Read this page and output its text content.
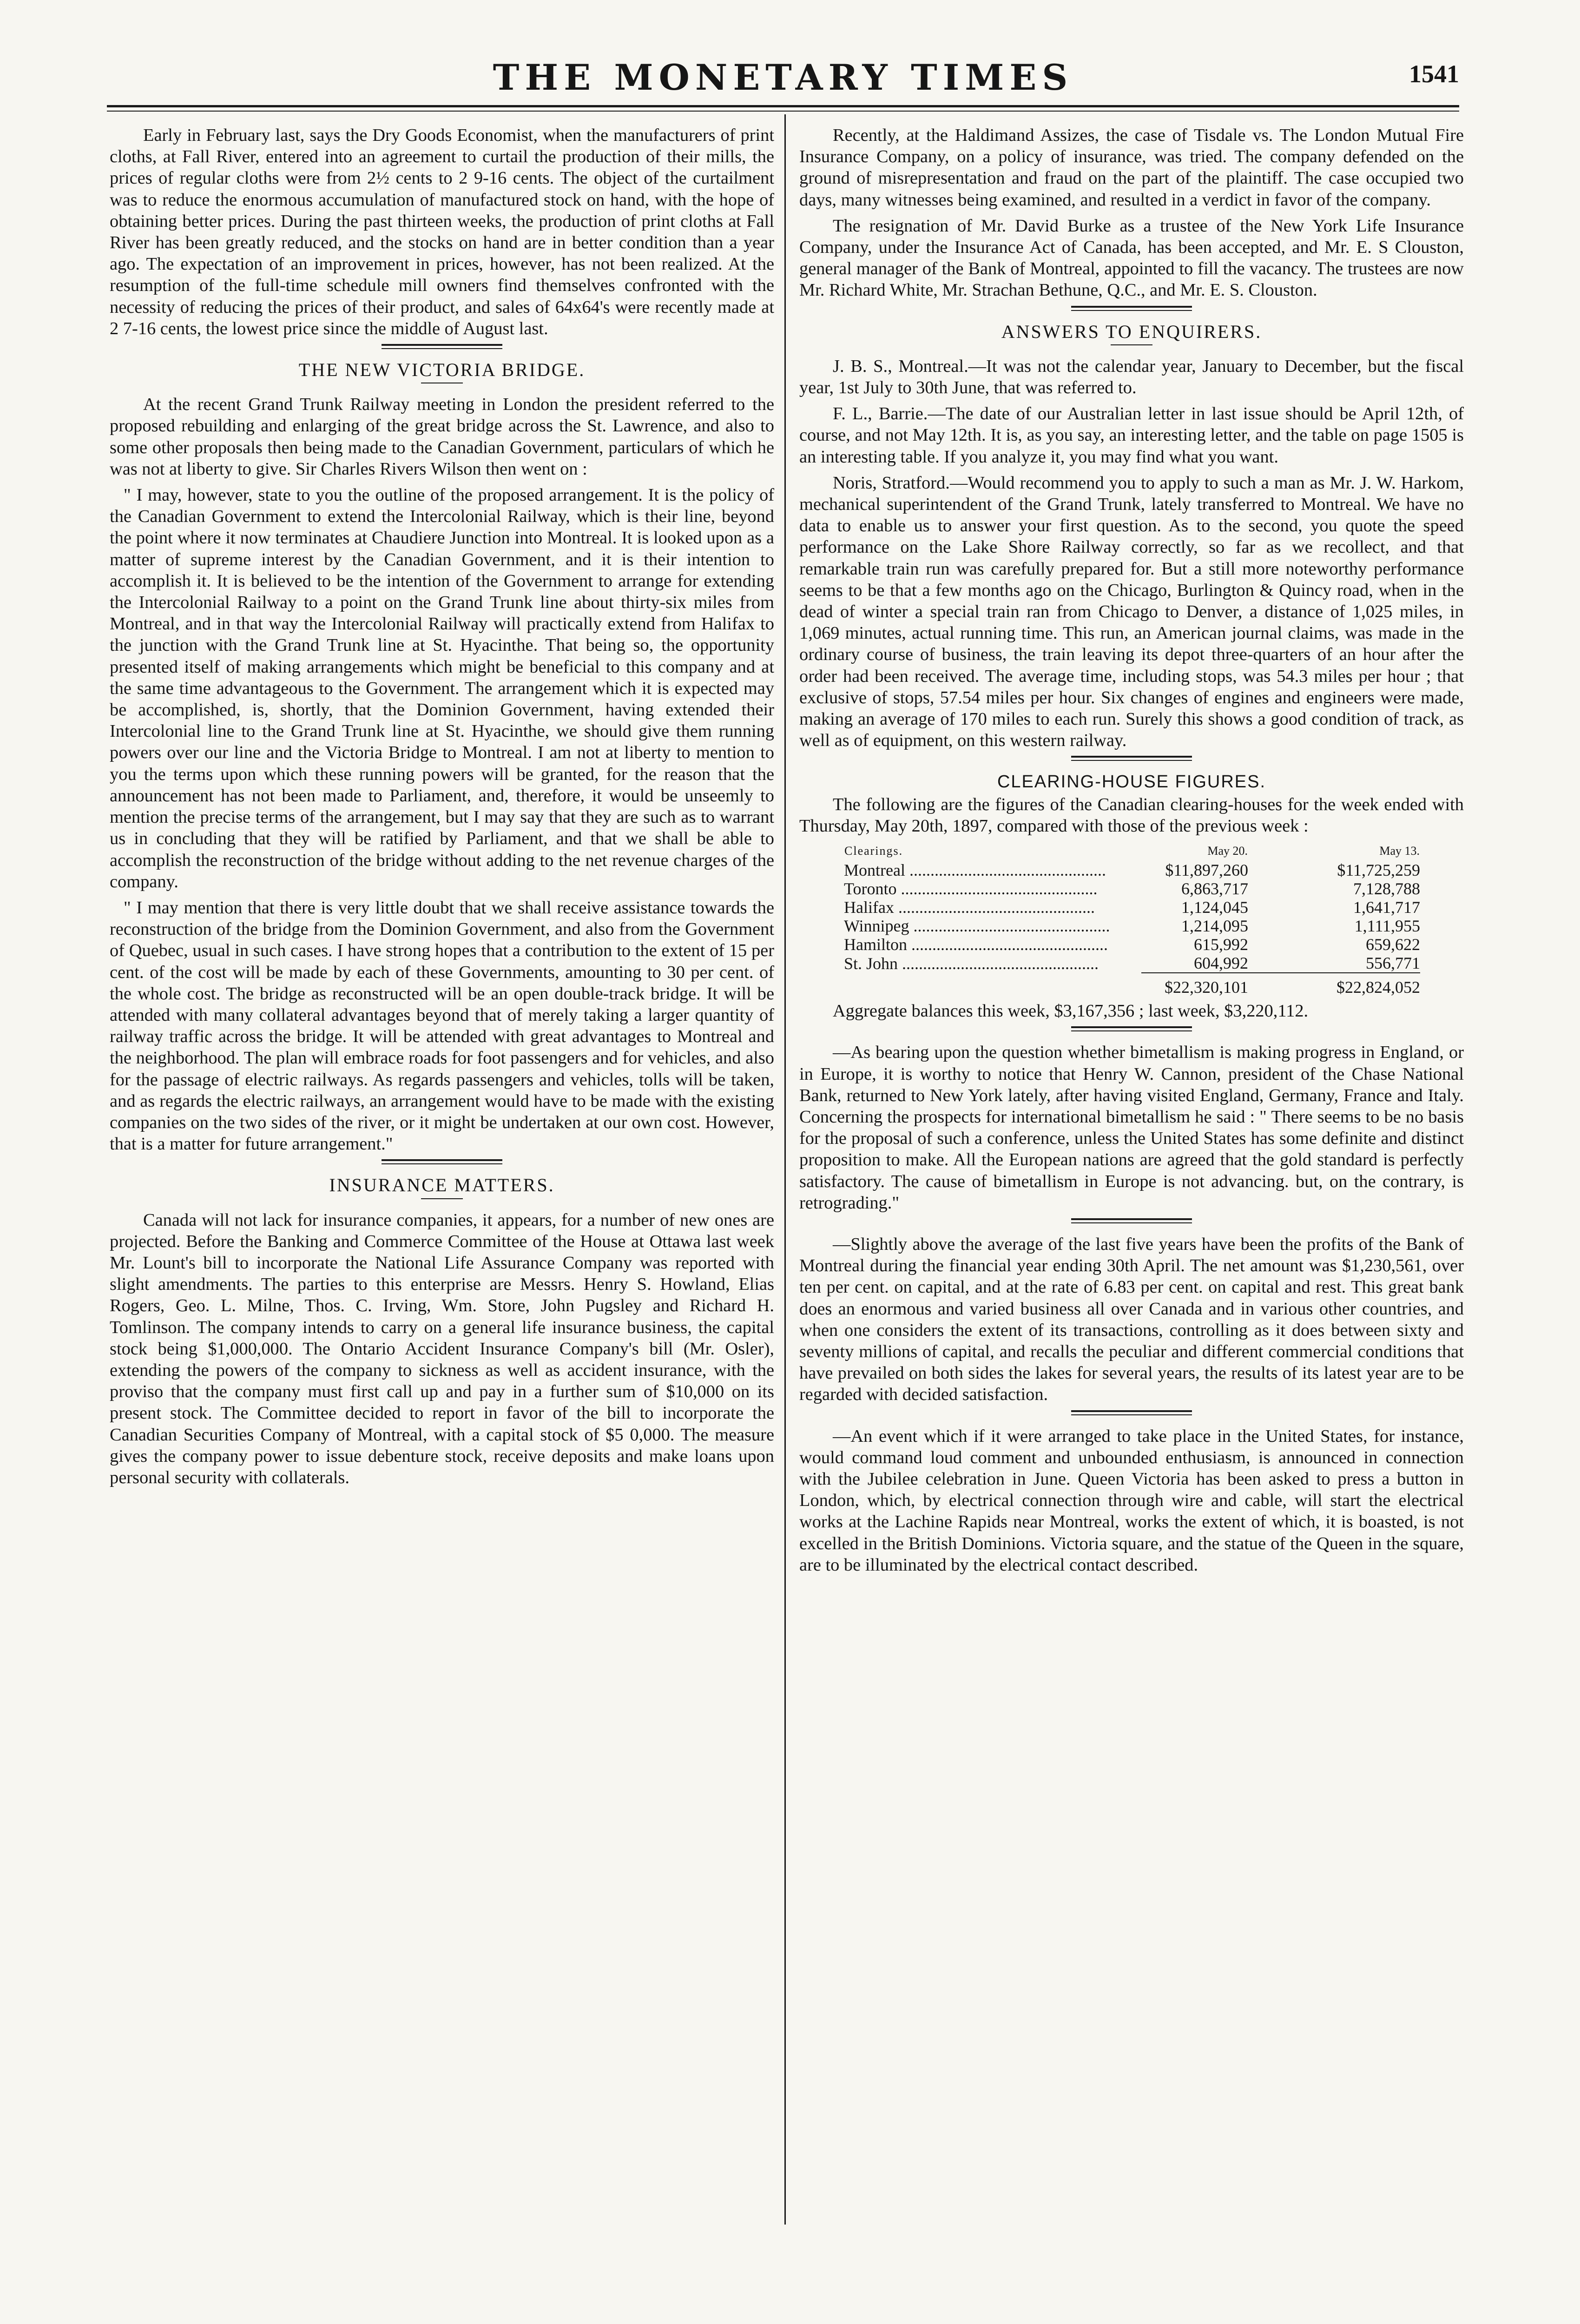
THE MONETARY TIMES	1541

Early in February last, says the Dry Goods Economist, when the manufacturers of print cloths, at Fall River, entered into an agreement to curtail the production of their mills, the prices of regular cloths were from 2½ cents to 2 9-16 cents. The object of the curtailment was to reduce the enormous accumulation of manufactured stock on hand, with the hope of obtaining better prices. During the past thirteen weeks, the production of print cloths at Fall River has been greatly reduced, and the stocks on hand are in better condition than a year ago. The expectation of an improvement in prices, however, has not been realized. At the resumption of the full-time schedule mill owners find themselves confronted with the necessity of reducing the prices of their product, and sales of 64x64's were recently made at 2 7-16 cents, the lowest price since the middle of August last.

THE NEW VICTORIA BRIDGE.

At the recent Grand Trunk Railway meeting in London the president referred to the proposed rebuilding and enlarging of the great bridge across the St. Lawrence, and also to some other proposals then being made to the Canadian Government, particulars of which he was not at liberty to give. Sir Charles Rivers Wilson then went on :

" I may, however, state to you the outline of the proposed arrangement. It is the policy of the Canadian Government to extend the Intercolonial Railway, which is their line, beyond the point where it now terminates at Chaudiere Junction into Montreal. It is looked upon as a matter of supreme interest by the Canadian Government, and it is their intention to accomplish it. It is believed to be the intention of the Government to arrange for extending the Intercolonial Railway to a point on the Grand Trunk line about thirty-six miles from Montreal, and in that way the Intercolonial Railway will practically extend from Halifax to the junction with the Grand Trunk line at St. Hyacinthe. That being so, the opportunity presented itself of making arrangements which might be beneficial to this company and at the same time advantageous to the Government. The arrangement which it is expected may be accomplished, is, shortly, that the Dominion Government, having extended their Intercolonial line to the Grand Trunk line at St. Hyacinthe, we should give them running powers over our line and the Victoria Bridge to Montreal. I am not at liberty to mention to you the terms upon which these running powers will be granted, for the reason that the announcement has not been made to Parliament, and, therefore, it would be unseemly to mention the precise terms of the arrangement, but I may say that they are such as to warrant us in concluding that they will be ratified by Parliament, and that we shall be able to accomplish the reconstruction of the bridge without adding to the net revenue charges of the company.

" I may mention that there is very little doubt that we shall receive assistance towards the reconstruction of the bridge from the Dominion Government, and also from the Government of Quebec, usual in such cases. I have strong hopes that a contribution to the extent of 15 per cent. of the cost will be made by each of these Governments, amounting to 30 per cent. of the whole cost. The bridge as reconstructed will be an open double-track bridge. It will be attended with many collateral advantages beyond that of merely taking a larger quantity of railway traffic across the bridge. It will be attended with great advantages to Montreal and the neighborhood. The plan will embrace roads for foot passengers and for vehicles, and also for the passage of electric railways. As regards passengers and vehicles, tolls will be taken, and as regards the electric railways, an arrangement would have to be made with the existing companies on the two sides of the river, or it might be undertaken at our own cost. However, that is a matter for future arrangement."

INSURANCE MATTERS.

Canada will not lack for insurance companies, it appears, for a number of new ones are projected. Before the Banking and Commerce Committee of the House at Ottawa last week Mr. Lount's bill to incorporate the National Life Assurance Company was reported with slight amendments. The parties to this enterprise are Messrs. Henry S. Howland, Elias Rogers, Geo. L. Milne, Thos. C. Irving, Wm. Store, John Pugsley and Richard H. Tomlinson. The company intends to carry on a general life insurance business, the capital stock being $1,000,000. The Ontario Accident Insurance Company's bill (Mr. Osler), extending the powers of the company to sickness as well as accident insurance, with the proviso that the company must first call up and pay in a further sum of $10,000 on its present stock. The Committee decided to report in favor of the bill to incorporate the Canadian Securities Company of Montreal, with a capital stock of $5 0,000. The measure gives the company power to issue debenture stock, receive deposits and make loans upon personal security with collaterals.

Recently, at the Haldimand Assizes, the case of Tisdale vs. The London Mutual Fire Insurance Company, on a policy of insurance, was tried. The company defended on the ground of misrepresentation and fraud on the part of the plaintiff. The case occupied two days, many witnesses being examined, and resulted in a verdict in favor of the company.

The resignation of Mr. David Burke as a trustee of the New York Life Insurance Company, under the Insurance Act of Canada, has been accepted, and Mr. E. S Clouston, general manager of the Bank of Montreal, appointed to fill the vacancy. The trustees are now Mr. Richard White, Mr. Strachan Bethune, Q.C., and Mr. E. S. Clouston.

ANSWERS TO ENQUIRERS.

J. B. S., Montreal.—It was not the calendar year, January to December, but the fiscal year, 1st July to 30th June, that was referred to.

F. L., Barrie.—The date of our Australian letter in last issue should be April 12th, of course, and not May 12th. It is, as you say, an interesting letter, and the table on page 1505 is an interesting table. If you analyze it, you may find what you want.

Noris, Stratford.—Would recommend you to apply to such a man as Mr. J. W. Harkom, mechanical superintendent of the Grand Trunk, lately transferred to Montreal. We have no data to enable us to answer your first question. As to the second, you quote the speed performance on the Lake Shore Railway correctly, so far as we recollect, and that remarkable train run was carefully prepared for. But a still more noteworthy performance seems to be that a few months ago on the Chicago, Burlington & Quincy road, when in the dead of winter a special train ran from Chicago to Denver, a distance of 1,025 miles, in 1,069 minutes, actual running time. This run, an American journal claims, was made in the ordinary course of business, the train leaving its depot three-quarters of an hour after the order had been received. The average time, including stops, was 54.3 miles per hour ; that exclusive of stops, 57.54 miles per hour. Six changes of engines and engineers were made, making an average of 170 miles to each run. Surely this shows a good condition of track, as well as of equipment, on this western railway.

CLEARING-HOUSE FIGURES.

The following are the figures of the Canadian clearing-houses for the week ended with Thursday, May 20th, 1897, compared with those of the previous week :

Clearings.	May 20.	May 13.
Montreal .....	$11,897,260	$11,725,259
Toronto .....	6,863,717	7,128,788
Halifax .....	1,124,045	1,641,717
Winnipeg .....	1,214,095	1,111,955
Hamilton .....	615,992	659,622
St. John .....	604,992	556,771
	$22,320,101	$22,824,052

Aggregate balances this week, $3,167,356 ; last week, $3,220,112.

—As bearing upon the question whether bimetallism is making progress in England, or in Europe, it is worthy to notice that Henry W. Cannon, president of the Chase National Bank, returned to New York lately, after having visited England, Germany, France and Italy. Concerning the prospects for international bimetallism he said : " There seems to be no basis for the proposal of such a conference, unless the United States has some definite and distinct proposition to make. All the European nations are agreed that the gold standard is perfectly satisfactory. The cause of bimetallism in Europe is not advancing. but, on the contrary, is retrograding."

—Slightly above the average of the last five years have been the profits of the Bank of Montreal during the financial year ending 30th April. The net amount was $1,230,561, over ten per cent. on capital, and at the rate of 6.83 per cent. on capital and rest. This great bank does an enormous and varied business all over Canada and in various other countries, and when one considers the extent of its transactions, controlling as it does between sixty and seventy millions of capital, and recalls the peculiar and different commercial conditions that have prevailed on both sides the lakes for several years, the results of its latest year are to be regarded with decided satisfaction.

—An event which if it were arranged to take place in the United States, for instance, would command loud comment and unbounded enthusiasm, is announced in connection with the Jubilee celebration in June. Queen Victoria has been asked to press a button in London, which, by electrical connection through wire and cable, will start the electrical works at the Lachine Rapids near Montreal, works the extent of which, it is boasted, is not excelled in the British Dominions. Victoria square, and the statue of the Queen in the square, are to be illuminated by the electrical contact described.
